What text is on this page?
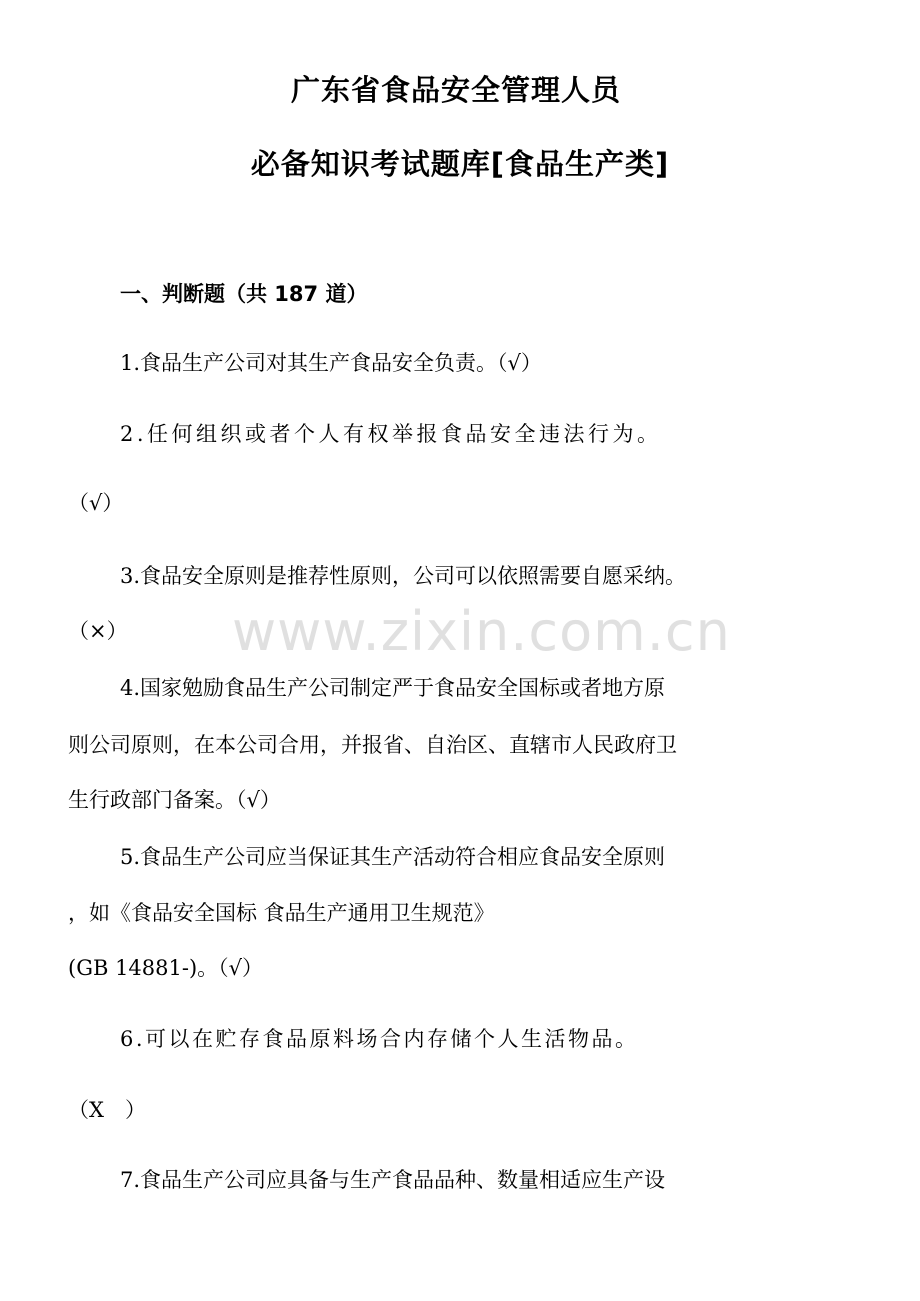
广东省食品安全管理人员
必备知识考试题库[食品生产类]
www.zixin.com.cn
一、判断题（共 187 道）
1.食品生产公司对其生产食品安全负责。（√）
2.任何组织或者个人有权举报食品安全违法行为。
（√）
3.食品安全原则是推荐性原则，公司可以依照需要自愿采纳。
（×）
4.国家勉励食品生产公司制定严于食品安全国标或者地方原
则公司原则，在本公司合用，并报省、自治区、直辖市人民政府卫
生行政部门备案。（√）
5.食品生产公司应当保证其生产活动符合相应食品安全原则
，如《食品安全国标 食品生产通用卫生规范》
(GB 14881-)。（√）
6.可以在贮存食品原料场合内存储个人生活物品。
（X　）
7.食品生产公司应具备与生产食品品种、数量相适应生产设
